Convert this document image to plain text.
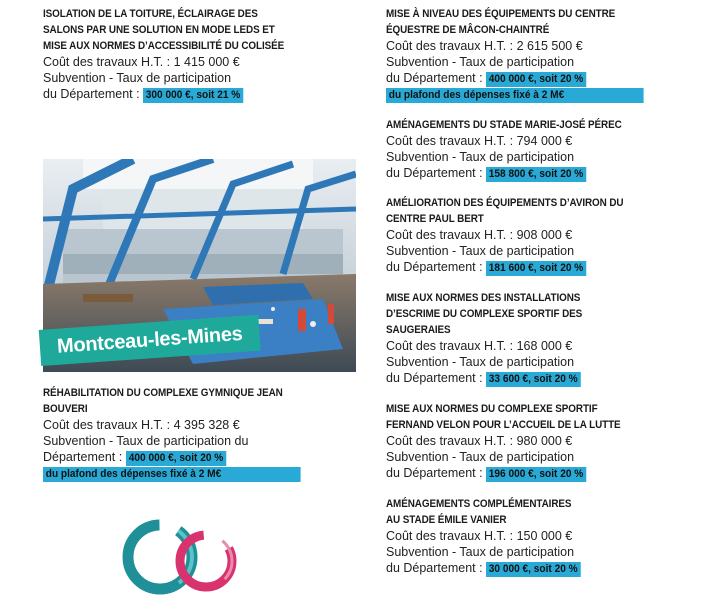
ISOLATION DE LA TOITURE, ÉCLAIRAGE DES
SALONS PAR UNE SOLUTION EN MODE LEDS ET
MISE AUX NORMES D’ACCESSIBILITÉ DU COLISÉE
Coût des travaux H.T. : 1 415 000 €
Subvention - Taux de participation
du Département : 300 000 €, soit 21 %
Montceau-les-Mines
RÉHABILITATION DU COMPLEXE GYMNIQUE JEAN
BOUVERI
Coût des travaux H.T. : 4 395 328 €
Subvention - Taux de participation du
Département : 400 000 €, soit 20 %
du plafond des dépenses fixé à 2 M€
MISE À NIVEAU DES ÉQUIPEMENTS DU CENTRE
ÉQUESTRE DE MÂCON-CHAINTRÉ
Coût des travaux H.T. : 2 615 500 €
Subvention - Taux de participation
du Département : 400 000 €, soit 20 %
du plafond des dépenses fixé à 2 M€
AMÉNAGEMENTS DU STADE MARIE-JOSÉ PÉREC
Coût des travaux H.T. : 794 000 €
Subvention - Taux de participation
du Département : 158 800 €, soit 20 %
AMÉLIORATION DES ÉQUIPEMENTS D’AVIRON DU
CENTRE PAUL BERT
Coût des travaux H.T. : 908 000 €
Subvention - Taux de participation
du Département : 181 600 €, soit 20 %
MISE AUX NORMES DES INSTALLATIONS
D’ESCRIME DU COMPLEXE SPORTIF DES
SAUGERAIES
Coût des travaux H.T. : 168 000 €
Subvention - Taux de participation
du Département : 33 600 €, soit 20 %
MISE AUX NORMES DU COMPLEXE SPORTIF
FERNAND VELON POUR L’ACCUEIL DE LA LUTTE
Coût des travaux H.T. : 980 000 €
Subvention - Taux de participation
du Département : 196 000 €, soit 20 %
AMÉNAGEMENTS COMPLÉMENTAIRES
AU STADE ÉMILE VANIER
Coût des travaux H.T. : 150 000 €
Subvention - Taux de participation
du Département : 30 000 €, soit 20 %
